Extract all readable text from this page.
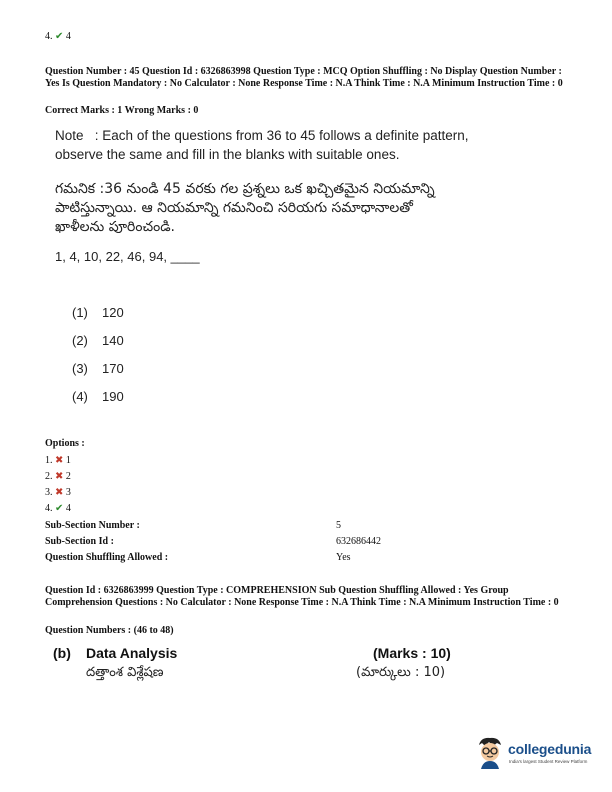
4. ✔ 4
Question Number : 45 Question Id : 6326863998 Question Type : MCQ Option Shuffling : No Display Question Number : Yes Is Question Mandatory : No Calculator : None Response Time : N.A Think Time : N.A Minimum Instruction Time : 0
Correct Marks : 1 Wrong Marks : 0
Note : Each of the questions from 36 to 45 follows a definite pattern,
observe the same and fill in the blanks with suitable ones.
గమనిక :36 నుండి 45 వరకు గల ప్రశ్నలు ఒక ఖచ్చితమైన నియమాన్ని
పాటిస్తున్నాయి. ఆ నియమాన్ని గమనించి సరియగు సమాధానాలతో
ఖాళీలను పూరించండి.
1, 4, 10, 22, 46, 94, ____
(1) 120
(2) 140
(3) 170
(4) 190
Options :
1. ✖ 1
2. ✖ 2
3. ✖ 3
4. ✔ 4
Sub-Section Number :	5
Sub-Section Id :	632686442
Question Shuffling Allowed :	Yes
Question Id : 6326863999 Question Type : COMPREHENSION Sub Question Shuffling Allowed : Yes Group Comprehension Questions : No Calculator : None Response Time : N.A Think Time : N.A Minimum Instruction Time : 0
Question Numbers : (46 to 48)
(b) Data Analysis	(Marks : 10)
దత్తాంశ విశ్లేషణ	(మార్కులు : 10)
collegedunia
India's largest Student Review Platform
